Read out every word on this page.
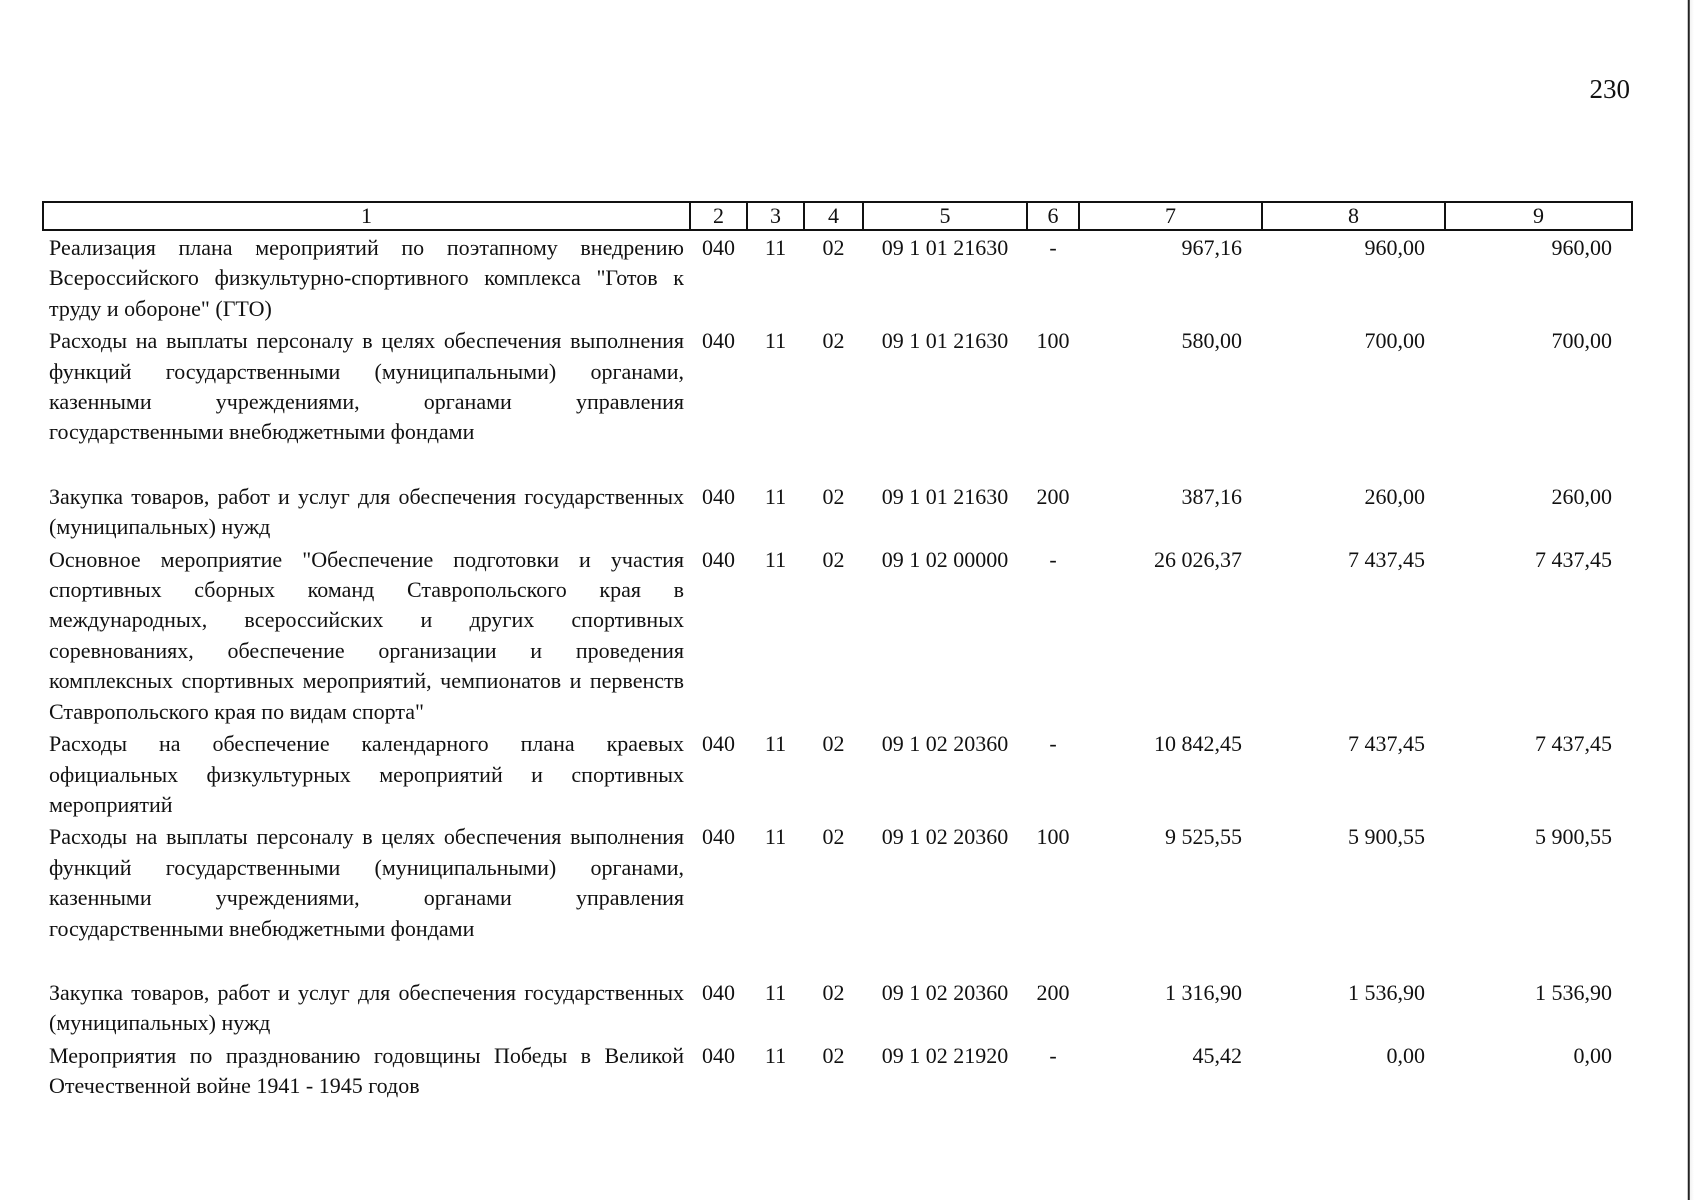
230
1	2	3	4	5	6	7	8	9
Реализация плана мероприятий по поэтапному внедрению Всероссийского физкультурно-спортивного комплекса "Готов к труду и обороне" (ГТО)	040	11	02	09 1 01 21630	-	967,16	960,00	960,00
Расходы на выплаты персоналу в целях обеспечения выполнения функций государственными (муниципальными) органами, казенными учреждениями, органами управления государственными внебюджетными фондами	040	11	02	09 1 01 21630	100	580,00	700,00	700,00
Закупка товаров, работ и услуг для обеспечения государственных (муниципальных) нужд	040	11	02	09 1 01 21630	200	387,16	260,00	260,00
Основное мероприятие "Обеспечение подготовки и участия спортивных сборных команд Ставропольского края в международных, всероссийских и других спортивных соревнованиях, обеспечение организации и проведения комплексных спортивных мероприятий, чемпионатов и первенств Ставропольского края по видам спорта"	040	11	02	09 1 02 00000	-	26 026,37	7 437,45	7 437,45
Расходы на обеспечение календарного плана краевых официальных физкультурных мероприятий и спортивных мероприятий	040	11	02	09 1 02 20360	-	10 842,45	7 437,45	7 437,45
Расходы на выплаты персоналу в целях обеспечения выполнения функций государственными (муниципальными) органами, казенными учреждениями, органами управления государственными внебюджетными фондами	040	11	02	09 1 02 20360	100	9 525,55	5 900,55	5 900,55
Закупка товаров, работ и услуг для обеспечения государственных (муниципальных) нужд	040	11	02	09 1 02 20360	200	1 316,90	1 536,90	1 536,90
Мероприятия по празднованию годовщины Победы в Великой Отечественной войне 1941 - 1945 годов	040	11	02	09 1 02 21920	-	45,42	0,00	0,00
